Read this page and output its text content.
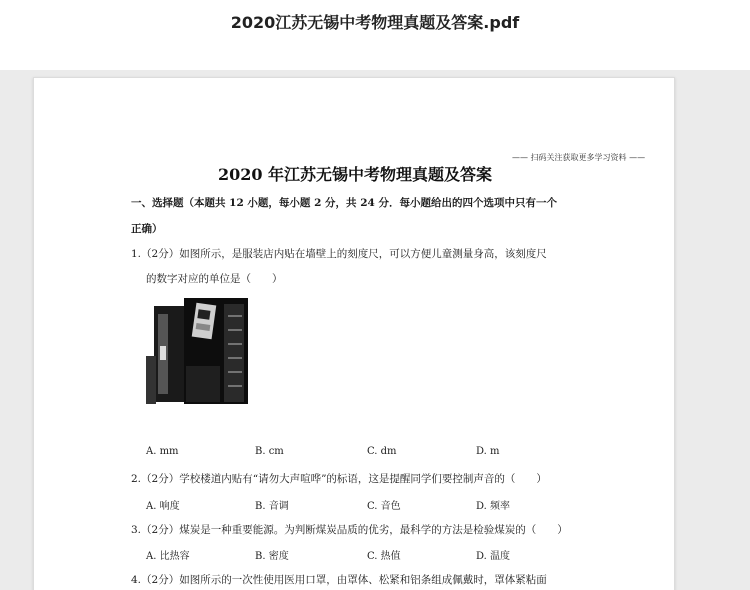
2020江苏无锡中考物理真题及答案.pdf
—— 扫码关注获取更多学习资料 ——
2020 年江苏无锡中考物理真题及答案
一、选择题（本题共 12 小题，每小题 2 分，共 24 分．每小题给出的四个选项中只有一个
正确）
1.（2分）如图所示，是服装店内贴在墙壁上的刻度尺，可以方便儿童测量身高，该刻度尺
的数字对应的单位是（　　）
A. mm	B. cm	C. dm	D. m
2.（2分）学校楼道内贴有“请勿大声喧哗”的标语，这是提醒同学们要控制声音的（　　）
A. 响度	B. 音调	C. 音色	D. 频率
3.（2分）煤炭是一种重要能源。为判断煤炭品质的优劣，最科学的方法是检验煤炭的（　　）
A. 比热容	B. 密度	C. 热值	D. 温度
4.（2分）如图所示的一次性使用医用口罩，由罩体、松紧和铝条组成佩戴时，罩体紧粘面
